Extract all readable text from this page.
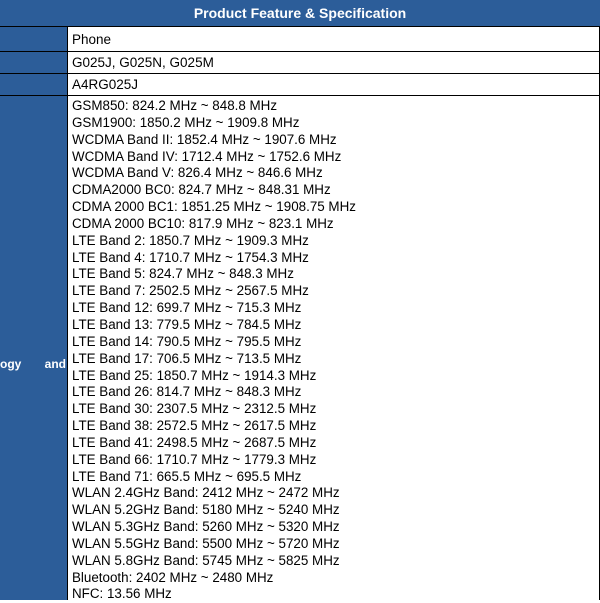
Product Feature & Specification
ogy and
Phone
G025J, G025N, G025M
A4RG025J
GSM850: 824.2 MHz ~ 848.8 MHz
GSM1900: 1850.2 MHz ~ 1909.8 MHz
WCDMA Band II: 1852.4 MHz ~ 1907.6 MHz
WCDMA Band IV: 1712.4 MHz ~ 1752.6 MHz
WCDMA Band V: 826.4 MHz ~ 846.6 MHz
CDMA2000 BC0: 824.7 MHz ~ 848.31 MHz
CDMA 2000 BC1: 1851.25 MHz ~ 1908.75 MHz
CDMA 2000 BC10: 817.9 MHz ~ 823.1 MHz
LTE Band 2: 1850.7 MHz ~ 1909.3 MHz
LTE Band 4: 1710.7 MHz ~ 1754.3 MHz
LTE Band 5: 824.7 MHz ~ 848.3 MHz
LTE Band 7: 2502.5 MHz ~ 2567.5 MHz
LTE Band 12: 699.7 MHz ~ 715.3 MHz
LTE Band 13: 779.5 MHz ~ 784.5 MHz
LTE Band 14: 790.5 MHz ~ 795.5 MHz
LTE Band 17: 706.5 MHz ~ 713.5 MHz
LTE Band 25: 1850.7 MHz ~ 1914.3 MHz
LTE Band 26: 814.7 MHz ~ 848.3 MHz
LTE Band 30: 2307.5 MHz ~ 2312.5 MHz
LTE Band 38: 2572.5 MHz ~ 2617.5 MHz
LTE Band 41: 2498.5 MHz ~ 2687.5 MHz
LTE Band 66: 1710.7 MHz ~ 1779.3 MHz
LTE Band 71: 665.5 MHz ~ 695.5 MHz
WLAN 2.4GHz Band: 2412 MHz ~ 2472 MHz
WLAN 5.2GHz Band: 5180 MHz ~ 5240 MHz
WLAN 5.3GHz Band: 5260 MHz ~ 5320 MHz
WLAN 5.5GHz Band: 5500 MHz ~ 5720 MHz
WLAN 5.8GHz Band: 5745 MHz ~ 5825 MHz
Bluetooth: 2402 MHz ~ 2480 MHz
NFC: 13.56 MHz
